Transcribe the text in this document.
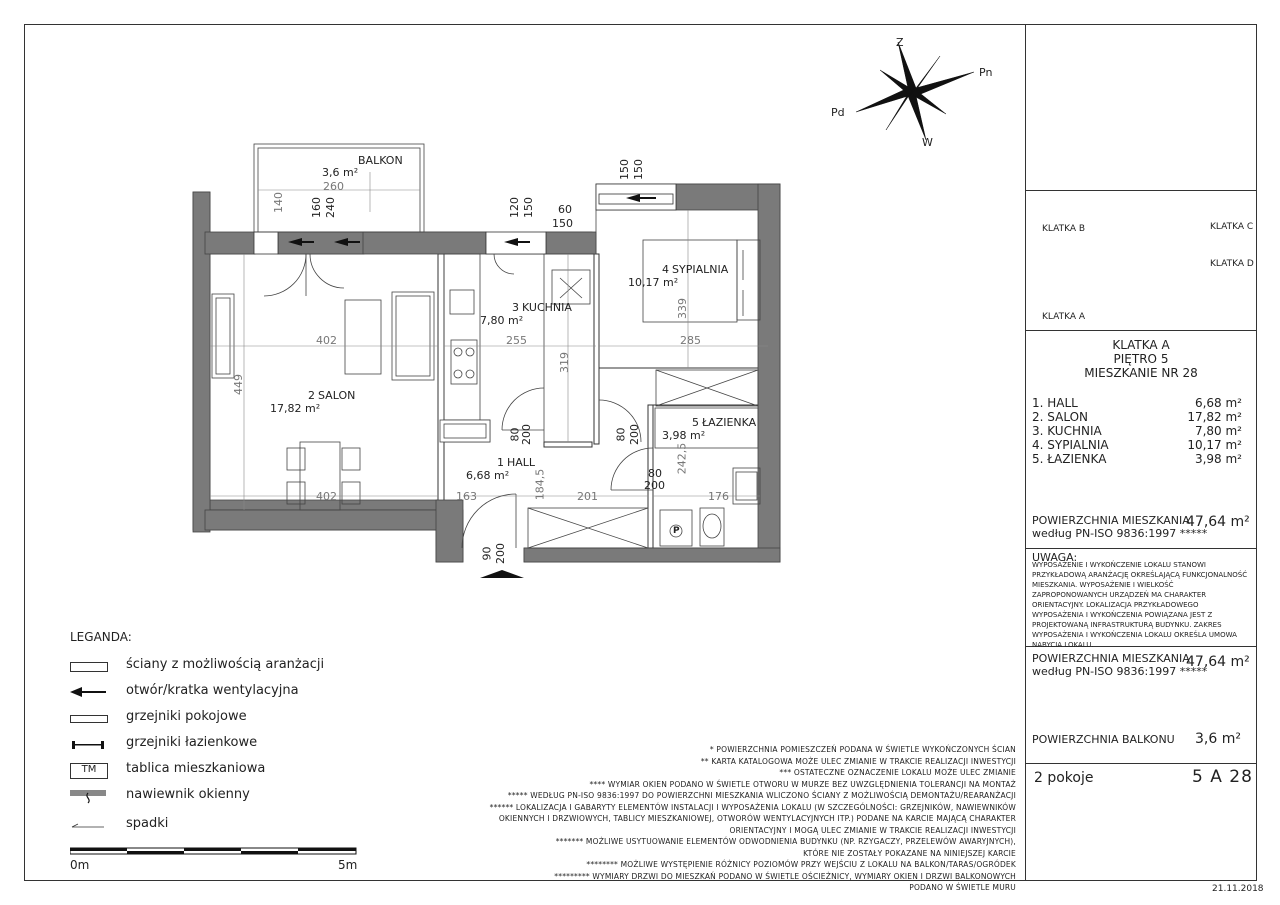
Z
Pn
Pd
W
BALKON
3,6 m²
2 SALON
17,82 m²
3 KUCHNIA
7,80 m²
4 SYPIALNIA
10,17 m²
5 ŁAZIENKA
3,98 m²
1 HALL
6,68 m²
260
140 160 240	120 150
150 150
60
150
402	255	285
449
339
319
80
200	80 200
80
200
184,5
242,5
402	163	201	176
90 200
P
KLATKA B	KLATKA C
KLATKA D
KLATKA A
KLATKA A
PIĘTRO 5
MIESZKANIE NR 28
1. HALL	6,68 m²
2. SALON	17,82 m²
3. KUCHNIA	7,80 m²
4. SYPIALNIA	10,17 m²
5. ŁAZIENKA	3,98 m²
POWIERZCHNIA MIESZKANIA
według PN-ISO 9836:1997 *****
47,64 m²
UWAGA:
WYPOSAŻENIE I WYKOŃCZENIE LOKALU STANOWI PRZYKŁADOWĄ ARANŻACJĘ OKREŚLAJĄCĄ FUNKCJONALNOŚĆ MIESZKANIA. WYPOSAŻENIE I WIELKOŚĆ ZAPROPONOWANYCH URZĄDZEŃ MA CHARAKTER ORIENTACYJNY. LOKALIZACJA PRZYKŁADOWEGO WYPOSAŻENIA I WYKOŃCZENIA POWIĄZANA JEST Z PROJEKTOWANĄ INFRASTRUKTURĄ BUDYNKU. ZAKRES WYPOSAŻENIA I WYKOŃCZENIA LOKALU OKREŚLA UMOWA NABYCIA LOKALU.
POWIERZCHNIA MIESZKANIA
według PN-ISO 9836:1997 *****
47,64 m²
POWIERZCHNIA BALKONU 3,6 m²
2 pokoje	5 A 28
21.11.2018
LEGANDA:
ściany z możliwością aranżacji
otwór/kratka wentylacyjna
grzejniki pokojowe
grzejniki łazienkowe
TM	tablica mieszkaniowa
nawiewnik okienny
spadki
0m	5m
* POWIERZCHNIA POMIESZCZEŃ PODANA W ŚWIETLE WYKOŃCZONYCH ŚCIAN
** KARTA KATALOGOWA MOŻE ULEC ZMIANIE W TRAKCIE REALIZACJI INWESTYCJI
*** OSTATECZNE OZNACZENIE LOKALU MOŻE ULEC ZMIANIE
**** WYMIAR OKIEN PODANO W ŚWIETLE OTWORU W MURZE BEZ UWZGLĘDNIENIA TOLERANCJI NA MONTAŻ
***** WEDŁUG PN-ISO 9836:1997 DO POWIERZCHNI MIESZKANIA WLICZONO ŚCIANY Z MOŻLIWOŚCIĄ DEMONTAŻU/REARANŻACJI
****** LOKALIZACJA I GABARYTY ELEMENTÓW INSTALACJI I WYPOSAŻENIA LOKALU (W SZCZEGÓLNOŚCI: GRZEJNIKÓW, NAWIEWNIKÓW
OKIENNYCH I DRZWIOWYCH, TABLICY MIESZKANIOWEJ, OTWORÓW WENTYLACYJNYCH ITP.) PODANE NA KARCIE MAJĄCĄ CHARAKTER
ORIENTACYJNY I MOGĄ ULEC ZMIANIE W TRAKCIE REALIZACJI INWESTYCJI
******* MOŻLIWE USYTUOWANIE ELEMENTÓW ODWODNIENIA BUDYNKU (NP. RZYGACZY, PRZELEWÓW AWARYJNYCH),
KTÓRE NIE ZOSTAŁY POKAZANE NA NINIEJSZEJ KARCIE
******** MOŻLIWE WYSTĘPIENIE RÓŻNICY POZIOMÓW PRZY WEJŚCIU Z LOKALU NA BALKON/TARAS/OGRÓDEK
********* WYMIARY DRZWI DO MIESZKAŃ PODANO W ŚWIETLE OŚCIEŻNICY, WYMIARY OKIEN I DRZWI BALKONOWYCH
PODANO W ŚWIETLE MURU
